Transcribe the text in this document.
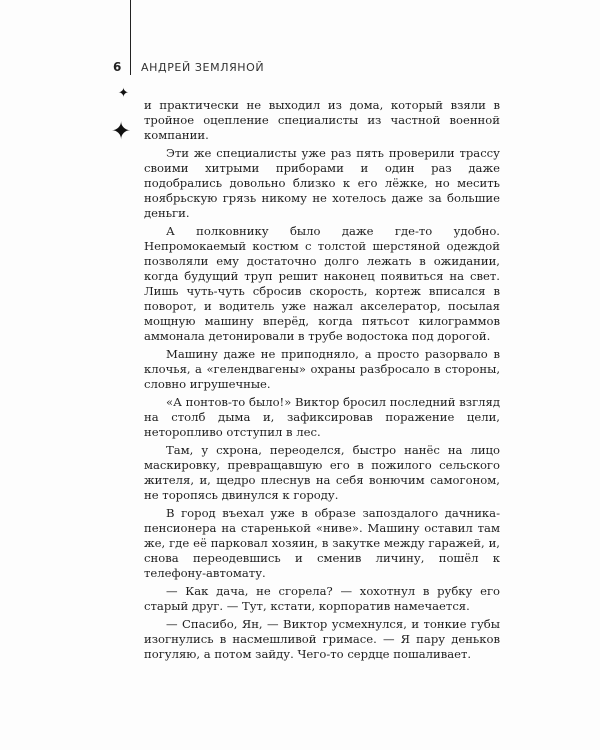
6 АНДРЕЙ ЗЕМЛЯНОЙ
✦
✦

и практически не выходил из дома, который взяли в тройное оцепление специалисты из частной военной компании.

Эти же специалисты уже раз пять проверили трассу своими хитрыми приборами и один раз даже подобрались довольно близко к его лёжке, но месить ноябрьскую грязь никому не хотелось даже за большие деньги.

А полковнику было даже где-то удобно. Непромокаемый костюм с толстой шерстяной одеждой позволяли ему достаточно долго лежать в ожидании, когда будущий труп решит наконец появиться на свет. Лишь чуть-чуть сбросив скорость, кортеж вписался в поворот, и водитель уже нажал акселератор, посылая мощную машину вперёд, когда пятьсот килограммов аммонала детонировали в трубе водостока под дорогой.

Машину даже не приподняло, а просто разорвало в клочья, а «гелендвагены» охраны разбросало в стороны, словно игрушечные.

«А понтов-то было!» Виктор бросил последний взгляд на столб дыма и, зафиксировав поражение цели, неторопливо отступил в лес.

Там, у схрона, переоделся, быстро нанёс на лицо маскировку, превращавшую его в пожилого сельского жителя, и, щедро плеснув на себя вонючим самогоном, не торопясь двинулся к городу.

В город въехал уже в образе запоздалого дачника-пенсионера на старенькой «ниве». Машину оставил там же, где её парковал хозяин, в закутке между гаражей, и, снова переодевшись и сменив личину, пошёл к телефону-автомату.

— Как дача, не сгорела? — хохотнул в рубку его старый друг. — Тут, кстати, корпоратив намечается.

— Спасибо, Ян, — Виктор усмехнулся, и тонкие губы изогнулись в насмешливой гримасе. — Я пару деньков погуляю, а потом зайду. Чего-то сердце пошаливает.
